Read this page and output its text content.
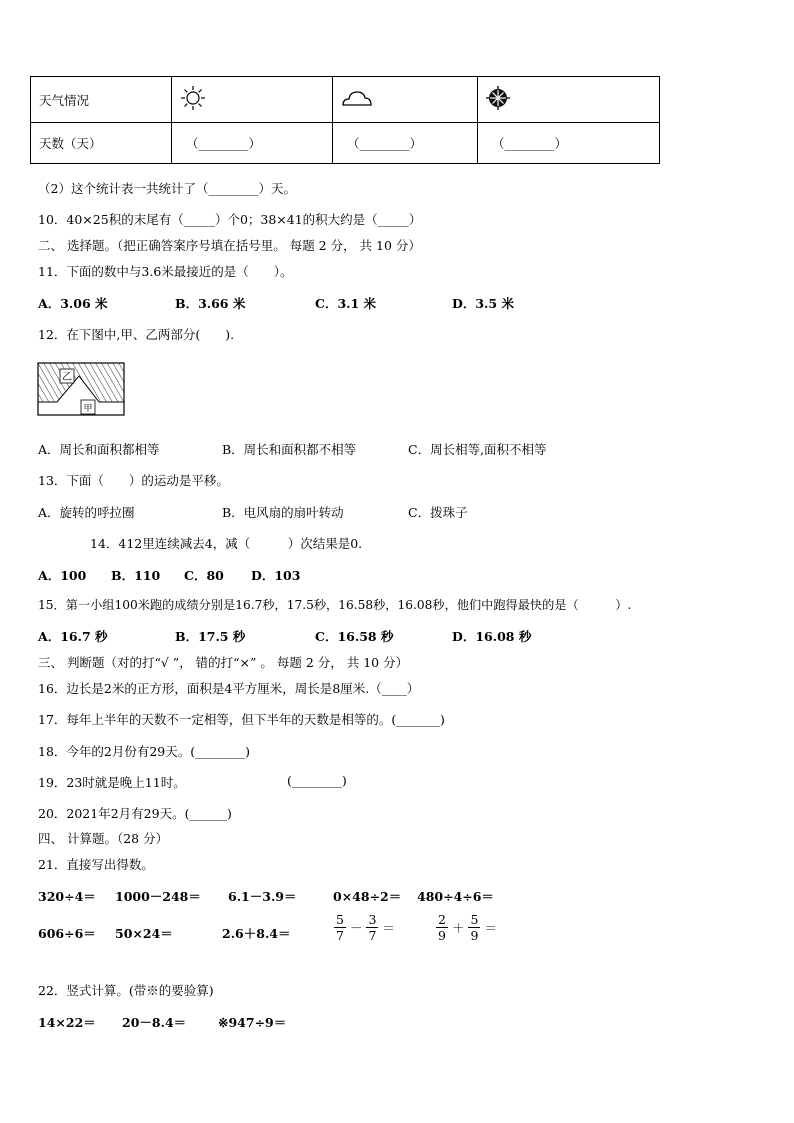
天气情况			
天数（天）	（________）	（________）	（________）
（2）这个统计表一共统计了（________）天。
10．40×25积的末尾有（_____）个0；38×41的积大约是（_____）
二、 选择题。（把正确答案序号填在括号里。 每题 2 分， 共 10 分）
11．下面的数中与3.6米最接近的是（　　）。
A．3.06 米	B．3.66 米	C．3.1 米	D．3.5 米
12．在下图中,甲、乙两部分(　　).
乙
甲
A．周长和面积都相等	B．周长和面积都不相等	C．周长相等,面积不相等
13．下面（　　）的运动是平移。
A．旋转的呼拉圈	B．电风扇的扇叶转动	C．拨珠子
14．412里连续减去4，减（　　　）次结果是0.
A．100 B．110 C．80 D．103
15．第一小组100米跑的成绩分别是16.7秒，17.5秒，16.58秒，16.08秒，他们中跑得最快的是（　　　）.
A．16.7 秒	B．17.5 秒	C．16.58 秒	D．16.08 秒
三、 判断题（对的打“√ ”， 错的打“×” 。 每题 2 分， 共 10 分）
16．边长是2米的正方形，面积是4平方厘米，周长是8厘米.（____）
17．每年上半年的天数不一定相等，但下半年的天数是相等的。(_______)
18．今年的2月份有29天。(________)
19．23时就是晚上11时。	(________)
20．2021年2月有29天。(______)
四、 计算题。（28 分）
21．直接写出得数。
320÷4＝ 1000－248＝ 6.1－3.9＝	0×48÷2＝ 480÷4÷6＝
606÷6＝ 50×24＝	2.6＋8.4＝	$\frac{5}{7} - \frac{3}{7}$ ＝	$\frac{2}{9} + \frac{5}{9}$ ＝
22．竖式计算。(带※的要验算)
14×22＝ 20－8.4＝	※947÷9＝
